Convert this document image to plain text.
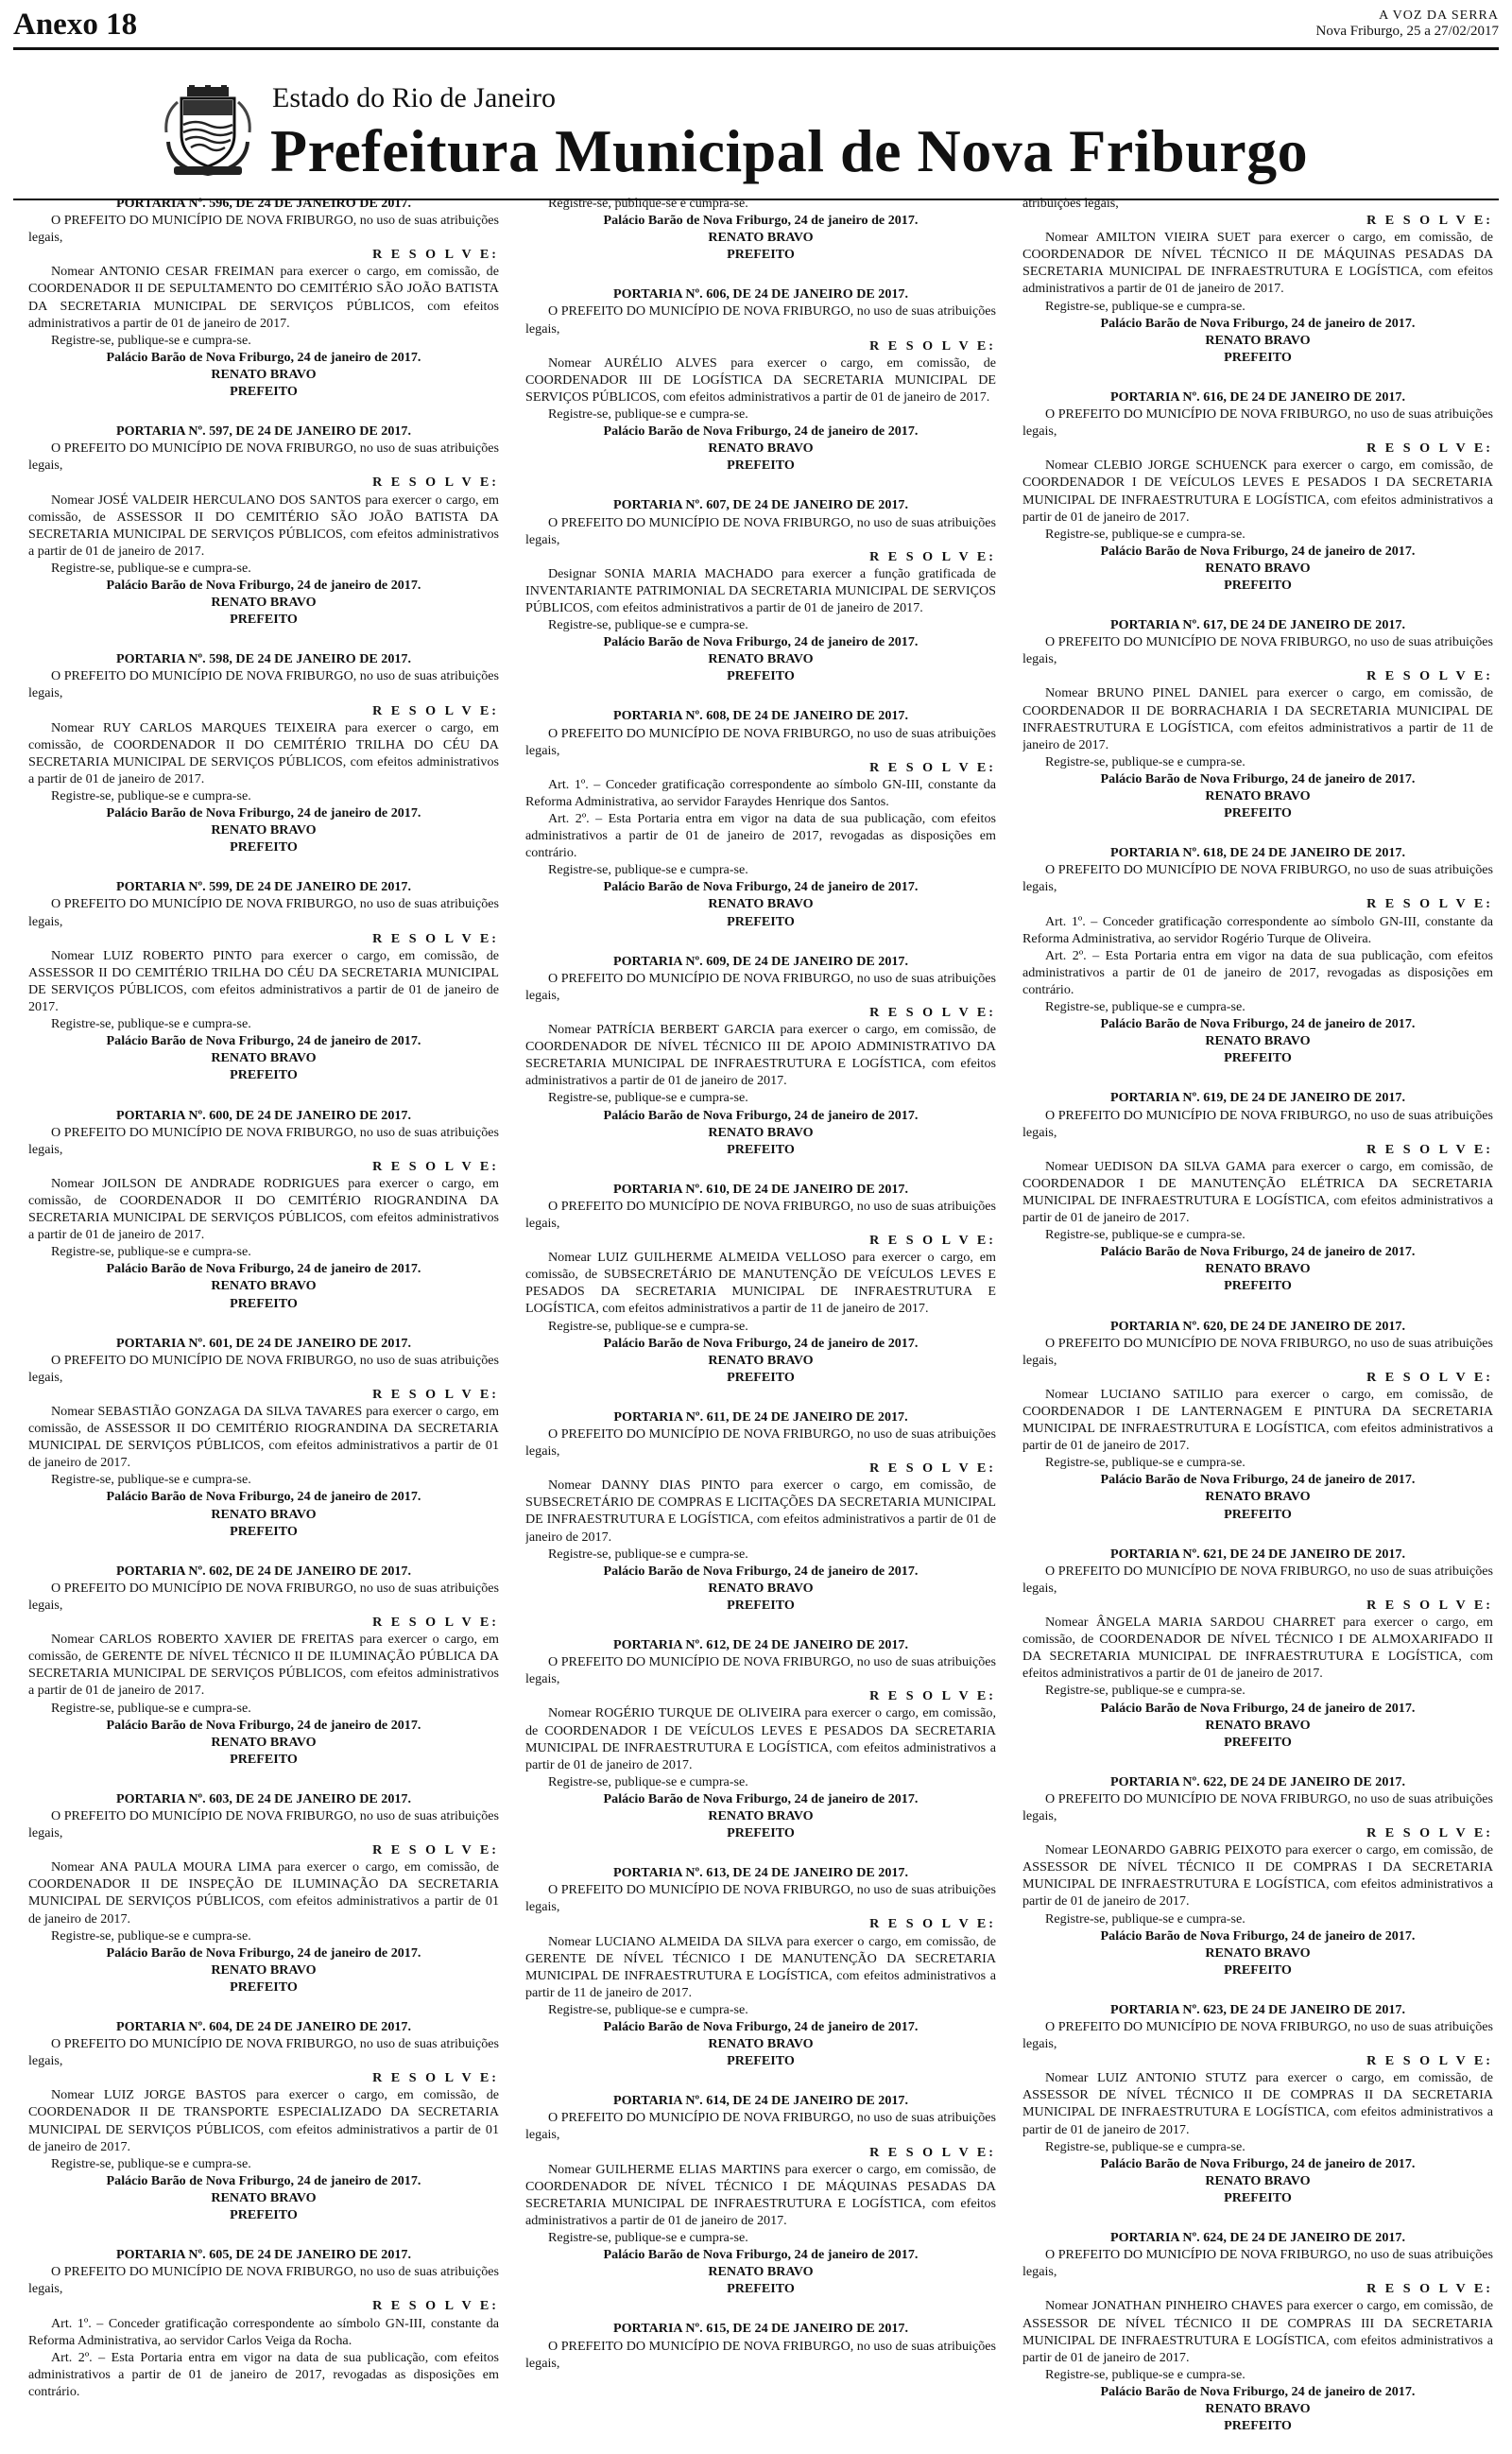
Anexo 18	A VOZ DA SERRA
Nova Friburgo, 25 a 27/02/2017
Estado do Rio de Janeiro
Prefeitura Municipal de Nova Friburgo

PORTARIA Nº. 596, DE 24 DE JANEIRO DE 2017.

O PREFEITO DO MUNICÍPIO DE NOVA FRIBURGO, no uso de suas atribuições legais,

R E S O L V E:

Nomear ANTONIO CESAR FREIMAN para exercer o cargo, em comissão, de COORDENADOR II DE SEPULTAMENTO DO CEMITÉRIO SÃO JOÃO BATISTA DA SECRETARIA MUNICIPAL DE SERVIÇOS PÚBLICOS, com efeitos administrativos a partir de 01 de janeiro de 2017.

Registre-se, publique-se e cumpra-se.

Palácio Barão de Nova Friburgo, 24 de janeiro de 2017.

RENATO BRAVO

PREFEITO

PORTARIA Nº. 597, DE 24 DE JANEIRO DE 2017.

O PREFEITO DO MUNICÍPIO DE NOVA FRIBURGO, no uso de suas atribuições legais,

R E S O L V E:

Nomear JOSÉ VALDEIR HERCULANO DOS SANTOS para exercer o cargo, em comissão, de ASSESSOR II DO CEMITÉRIO SÃO JOÃO BATISTA DA SECRETARIA MUNICIPAL DE SERVIÇOS PÚBLICOS, com efeitos administrativos a partir de 01 de janeiro de 2017.

Registre-se, publique-se e cumpra-se.

Palácio Barão de Nova Friburgo, 24 de janeiro de 2017.

RENATO BRAVO

PREFEITO

PORTARIA Nº. 598, DE 24 DE JANEIRO DE 2017.

O PREFEITO DO MUNICÍPIO DE NOVA FRIBURGO, no uso de suas atribuições legais,

R E S O L V E:

Nomear RUY CARLOS MARQUES TEIXEIRA para exercer o cargo, em comissão, de COORDENADOR II DO CEMITÉRIO TRILHA DO CÉU DA SECRETARIA MUNICIPAL DE SERVIÇOS PÚBLICOS, com efeitos administrativos a partir de 01 de janeiro de 2017.

Registre-se, publique-se e cumpra-se.

Palácio Barão de Nova Friburgo, 24 de janeiro de 2017.

RENATO BRAVO

PREFEITO

PORTARIA Nº. 599, DE 24 DE JANEIRO DE 2017.

O PREFEITO DO MUNICÍPIO DE NOVA FRIBURGO, no uso de suas atribuições legais,

R E S O L V E:

Nomear LUIZ ROBERTO PINTO para exercer o cargo, em comissão, de ASSESSOR II DO CEMITÉRIO TRILHA DO CÉU DA SECRETARIA MUNICIPAL DE SERVIÇOS PÚBLICOS, com efeitos administrativos a partir de 01 de janeiro de 2017.

Registre-se, publique-se e cumpra-se.

Palácio Barão de Nova Friburgo, 24 de janeiro de 2017.

RENATO BRAVO

PREFEITO

PORTARIA Nº. 600, DE 24 DE JANEIRO DE 2017.

O PREFEITO DO MUNICÍPIO DE NOVA FRIBURGO, no uso de suas atribuições legais,

R E S O L V E:

Nomear JOILSON DE ANDRADE RODRIGUES para exercer o cargo, em comissão, de COORDENADOR II DO CEMITÉRIO RIOGRANDINA DA SECRETARIA MUNICIPAL DE SERVIÇOS PÚBLICOS, com efeitos administrativos a partir de 01 de janeiro de 2017.

Registre-se, publique-se e cumpra-se.

Palácio Barão de Nova Friburgo, 24 de janeiro de 2017.

RENATO BRAVO

PREFEITO

PORTARIA Nº. 601, DE 24 DE JANEIRO DE 2017.

O PREFEITO DO MUNICÍPIO DE NOVA FRIBURGO, no uso de suas atribuições legais,

R E S O L V E:

Nomear SEBASTIÃO GONZAGA DA SILVA TAVARES para exercer o cargo, em comissão, de ASSESSOR II DO CEMITÉRIO RIOGRANDINA DA SECRETARIA MUNICIPAL DE SERVIÇOS PÚBLICOS, com efeitos administrativos a partir de 01 de janeiro de 2017.

Registre-se, publique-se e cumpra-se.

Palácio Barão de Nova Friburgo, 24 de janeiro de 2017.

RENATO BRAVO

PREFEITO

PORTARIA Nº. 602, DE 24 DE JANEIRO DE 2017.

O PREFEITO DO MUNICÍPIO DE NOVA FRIBURGO, no uso de suas atribuições legais,

R E S O L V E:

Nomear CARLOS ROBERTO XAVIER DE FREITAS para exercer o cargo, em comissão, de GERENTE DE NÍVEL TÉCNICO II DE ILUMINAÇÃO PÚBLICA DA SECRETARIA MUNICIPAL DE SERVIÇOS PÚBLICOS, com efeitos administrativos a partir de 01 de janeiro de 2017.

Registre-se, publique-se e cumpra-se.

Palácio Barão de Nova Friburgo, 24 de janeiro de 2017.

RENATO BRAVO

PREFEITO

PORTARIA Nº. 603, DE 24 DE JANEIRO DE 2017.

O PREFEITO DO MUNICÍPIO DE NOVA FRIBURGO, no uso de suas atribuições legais,

R E S O L V E:

Nomear ANA PAULA MOURA LIMA para exercer o cargo, em comissão, de COORDENADOR II DE INSPEÇÃO DE ILUMINAÇÃO DA SECRETARIA MUNICIPAL DE SERVIÇOS PÚBLICOS, com efeitos administrativos a partir de 01 de janeiro de 2017.

Registre-se, publique-se e cumpra-se.

Palácio Barão de Nova Friburgo, 24 de janeiro de 2017.

RENATO BRAVO

PREFEITO

PORTARIA Nº. 604, DE 24 DE JANEIRO DE 2017.

O PREFEITO DO MUNICÍPIO DE NOVA FRIBURGO, no uso de suas atribuições legais,

R E S O L V E:

Nomear LUIZ JORGE BASTOS para exercer o cargo, em comissão, de COORDENADOR II DE TRANSPORTE ESPECIALIZADO DA SECRETARIA MUNICIPAL DE SERVIÇOS PÚBLICOS, com efeitos administrativos a partir de 01 de janeiro de 2017.

Registre-se, publique-se e cumpra-se.

Palácio Barão de Nova Friburgo, 24 de janeiro de 2017.

RENATO BRAVO

PREFEITO

PORTARIA Nº. 605, DE 24 DE JANEIRO DE 2017.

O PREFEITO DO MUNICÍPIO DE NOVA FRIBURGO, no uso de suas atribuições legais,

R E S O L V E:

Art. 1º. – Conceder gratificação correspondente ao símbolo GN-III, constante da Reforma Administrativa, ao servidor Carlos Veiga da Rocha.

Art. 2º. – Esta Portaria entra em vigor na data de sua publicação, com efeitos administrativos a partir de 01 de janeiro de 2017, revogadas as disposições em contrário.

Registre-se, publique-se e cumpra-se.

Palácio Barão de Nova Friburgo, 24 de janeiro de 2017.

RENATO BRAVO

PREFEITO

PORTARIA Nº. 606, DE 24 DE JANEIRO DE 2017.

O PREFEITO DO MUNICÍPIO DE NOVA FRIBURGO, no uso de suas atribuições legais,

R E S O L V E:

Nomear AURÉLIO ALVES para exercer o cargo, em comissão, de COORDENADOR III DE LOGÍSTICA DA SECRETARIA MUNICIPAL DE SERVIÇOS PÚBLICOS, com efeitos administrativos a partir de 01 de janeiro de 2017.

Registre-se, publique-se e cumpra-se.

Palácio Barão de Nova Friburgo, 24 de janeiro de 2017.

RENATO BRAVO

PREFEITO

PORTARIA Nº. 607, DE 24 DE JANEIRO DE 2017.

O PREFEITO DO MUNICÍPIO DE NOVA FRIBURGO, no uso de suas atribuições legais,

R E S O L V E:

Designar SONIA MARIA MACHADO para exercer a função gratificada de INVENTARIANTE PATRIMONIAL DA SECRETARIA MUNICIPAL DE SERVIÇOS PÚBLICOS, com efeitos administrativos a partir de 01 de janeiro de 2017.

Registre-se, publique-se e cumpra-se.

Palácio Barão de Nova Friburgo, 24 de janeiro de 2017.

RENATO BRAVO

PREFEITO

PORTARIA Nº. 608, DE 24 DE JANEIRO DE 2017.

O PREFEITO DO MUNICÍPIO DE NOVA FRIBURGO, no uso de suas atribuições legais,

R E S O L V E:

Art. 1º. – Conceder gratificação correspondente ao símbolo GN-III, constante da Reforma Administrativa, ao servidor Faraydes Henrique dos Santos.

Art. 2º. – Esta Portaria entra em vigor na data de sua publicação, com efeitos administrativos a partir de 01 de janeiro de 2017, revogadas as disposições em contrário.

Registre-se, publique-se e cumpra-se.

Palácio Barão de Nova Friburgo, 24 de janeiro de 2017.

RENATO BRAVO

PREFEITO

PORTARIA Nº. 609, DE 24 DE JANEIRO DE 2017.

O PREFEITO DO MUNICÍPIO DE NOVA FRIBURGO, no uso de suas atribuições legais,

R E S O L V E:

Nomear PATRÍCIA BERBERT GARCIA para exercer o cargo, em comissão, de COORDENADOR DE NÍVEL TÉCNICO III DE APOIO ADMINISTRATIVO DA SECRETARIA MUNICIPAL DE INFRAESTRUTURA E LOGÍSTICA, com efeitos administrativos a partir de 01 de janeiro de 2017.

Registre-se, publique-se e cumpra-se.

Palácio Barão de Nova Friburgo, 24 de janeiro de 2017.

RENATO BRAVO

PREFEITO

PORTARIA Nº. 610, DE 24 DE JANEIRO DE 2017.

O PREFEITO DO MUNICÍPIO DE NOVA FRIBURGO, no uso de suas atribuições legais,

R E S O L V E:

Nomear LUIZ GUILHERME ALMEIDA VELLOSO para exercer o cargo, em comissão, de SUBSECRETÁRIO DE MANUTENÇÃO DE VEÍCULOS LEVES E PESADOS DA SECRETARIA MUNICIPAL DE INFRAESTRUTURA E LOGÍSTICA, com efeitos administrativos a partir de 11 de janeiro de 2017.

Registre-se, publique-se e cumpra-se.

Palácio Barão de Nova Friburgo, 24 de janeiro de 2017.

RENATO BRAVO

PREFEITO

PORTARIA Nº. 611, DE 24 DE JANEIRO DE 2017.

O PREFEITO DO MUNICÍPIO DE NOVA FRIBURGO, no uso de suas atribuições legais,

R E S O L V E:

Nomear DANNY DIAS PINTO para exercer o cargo, em comissão, de SUBSECRETÁRIO DE COMPRAS E LICITAÇÕES DA SECRETARIA MUNICIPAL DE INFRAESTRUTURA E LOGÍSTICA, com efeitos administrativos a partir de 01 de janeiro de 2017.

Registre-se, publique-se e cumpra-se.

Palácio Barão de Nova Friburgo, 24 de janeiro de 2017.

RENATO BRAVO

PREFEITO

PORTARIA Nº. 612, DE 24 DE JANEIRO DE 2017.

O PREFEITO DO MUNICÍPIO DE NOVA FRIBURGO, no uso de suas atribuições legais,

R E S O L V E:

Nomear ROGÉRIO TURQUE DE OLIVEIRA para exercer o cargo, em comissão, de COORDENADOR I DE VEÍCULOS LEVES E PESADOS DA SECRETARIA MUNICIPAL DE INFRAESTRUTURA E LOGÍSTICA, com efeitos administrativos a partir de 01 de janeiro de 2017.

Registre-se, publique-se e cumpra-se.

Palácio Barão de Nova Friburgo, 24 de janeiro de 2017.

RENATO BRAVO

PREFEITO

PORTARIA Nº. 613, DE 24 DE JANEIRO DE 2017.

O PREFEITO DO MUNICÍPIO DE NOVA FRIBURGO, no uso de suas atribuições legais,

R E S O L V E:

Nomear LUCIANO ALMEIDA DA SILVA para exercer o cargo, em comissão, de GERENTE DE NÍVEL TÉCNICO I DE MANUTENÇÃO DA SECRETARIA MUNICIPAL DE INFRAESTRUTURA E LOGÍSTICA, com efeitos administrativos a partir de 11 de janeiro de 2017.

Registre-se, publique-se e cumpra-se.

Palácio Barão de Nova Friburgo, 24 de janeiro de 2017.

RENATO BRAVO

PREFEITO

PORTARIA Nº. 614, DE 24 DE JANEIRO DE 2017.

O PREFEITO DO MUNICÍPIO DE NOVA FRIBURGO, no uso de suas atribuições legais,

R E S O L V E:

Nomear GUILHERME ELIAS MARTINS para exercer o cargo, em comissão, de COORDENADOR DE NÍVEL TÉCNICO I DE MÁQUINAS PESADAS DA SECRETARIA MUNICIPAL DE INFRAESTRUTURA E LOGÍSTICA, com efeitos administrativos a partir de 01 de janeiro de 2017.

Registre-se, publique-se e cumpra-se.

Palácio Barão de Nova Friburgo, 24 de janeiro de 2017.

RENATO BRAVO

PREFEITO

PORTARIA Nº. 615, DE 24 DE JANEIRO DE 2017.

O PREFEITO DO MUNICÍPIO DE NOVA FRIBURGO, no uso de suas atribuições legais,

atribuições legais,

R E S O L V E:

Nomear AMILTON VIEIRA SUET para exercer o cargo, em comissão, de COORDENADOR DE NÍVEL TÉCNICO II DE MÁQUINAS PESADAS DA SECRETARIA MUNICIPAL DE INFRAESTRUTURA E LOGÍSTICA, com efeitos administrativos a partir de 01 de janeiro de 2017.

Registre-se, publique-se e cumpra-se.

Palácio Barão de Nova Friburgo, 24 de janeiro de 2017.

RENATO BRAVO

PREFEITO

PORTARIA Nº. 616, DE 24 DE JANEIRO DE 2017.

O PREFEITO DO MUNICÍPIO DE NOVA FRIBURGO, no uso de suas atribuições legais,

R E S O L V E:

Nomear CLEBIO JORGE SCHUENCK para exercer o cargo, em comissão, de COORDENADOR I DE VEÍCULOS LEVES E PESADOS I DA SECRETARIA MUNICIPAL DE INFRAESTRUTURA E LOGÍSTICA, com efeitos administrativos a partir de 01 de janeiro de 2017.

Registre-se, publique-se e cumpra-se.

Palácio Barão de Nova Friburgo, 24 de janeiro de 2017.

RENATO BRAVO

PREFEITO

PORTARIA Nº. 617, DE 24 DE JANEIRO DE 2017.

O PREFEITO DO MUNICÍPIO DE NOVA FRIBURGO, no uso de suas atribuições legais,

R E S O L V E:

Nomear BRUNO PINEL DANIEL para exercer o cargo, em comissão, de COORDENADOR II DE BORRACHARIA I DA SECRETARIA MUNICIPAL DE INFRAESTRUTURA E LOGÍSTICA, com efeitos administrativos a partir de 11 de janeiro de 2017.

Registre-se, publique-se e cumpra-se.

Palácio Barão de Nova Friburgo, 24 de janeiro de 2017.

RENATO BRAVO

PREFEITO

PORTARIA Nº. 618, DE 24 DE JANEIRO DE 2017.

O PREFEITO DO MUNICÍPIO DE NOVA FRIBURGO, no uso de suas atribuições legais,

R E S O L V E:

Art. 1º. – Conceder gratificação correspondente ao símbolo GN-III, constante da Reforma Administrativa, ao servidor Rogério Turque de Oliveira.

Art. 2º. – Esta Portaria entra em vigor na data de sua publicação, com efeitos administrativos a partir de 01 de janeiro de 2017, revogadas as disposições em contrário.

Registre-se, publique-se e cumpra-se.

Palácio Barão de Nova Friburgo, 24 de janeiro de 2017.

RENATO BRAVO

PREFEITO

PORTARIA Nº. 619, DE 24 DE JANEIRO DE 2017.

O PREFEITO DO MUNICÍPIO DE NOVA FRIBURGO, no uso de suas atribuições legais,

R E S O L V E:

Nomear UEDISON DA SILVA GAMA para exercer o cargo, em comissão, de COORDENADOR I DE MANUTENÇÃO ELÉTRICA DA SECRETARIA MUNICIPAL DE INFRAESTRUTURA E LOGÍSTICA, com efeitos administrativos a partir de 01 de janeiro de 2017.

Registre-se, publique-se e cumpra-se.

Palácio Barão de Nova Friburgo, 24 de janeiro de 2017.

RENATO BRAVO

PREFEITO

PORTARIA Nº. 620, DE 24 DE JANEIRO DE 2017.

O PREFEITO DO MUNICÍPIO DE NOVA FRIBURGO, no uso de suas atribuições legais,

R E S O L V E:

Nomear LUCIANO SATILIO para exercer o cargo, em comissão, de COORDENADOR I DE LANTERNAGEM E PINTURA DA SECRETARIA MUNICIPAL DE INFRAESTRUTURA E LOGÍSTICA, com efeitos administrativos a partir de 01 de janeiro de 2017.

Registre-se, publique-se e cumpra-se.

Palácio Barão de Nova Friburgo, 24 de janeiro de 2017.

RENATO BRAVO

PREFEITO

PORTARIA Nº. 621, DE 24 DE JANEIRO DE 2017.

O PREFEITO DO MUNICÍPIO DE NOVA FRIBURGO, no uso de suas atribuições legais,

R E S O L V E:

Nomear ÂNGELA MARIA SARDOU CHARRET para exercer o cargo, em comissão, de COORDENADOR DE NÍVEL TÉCNICO I DE ALMOXARIFADO II DA SECRETARIA MUNICIPAL DE INFRAESTRUTURA E LOGÍSTICA, com efeitos administrativos a partir de 01 de janeiro de 2017.

Registre-se, publique-se e cumpra-se.

Palácio Barão de Nova Friburgo, 24 de janeiro de 2017.

RENATO BRAVO

PREFEITO

PORTARIA Nº. 622, DE 24 DE JANEIRO DE 2017.

O PREFEITO DO MUNICÍPIO DE NOVA FRIBURGO, no uso de suas atribuições legais,

R E S O L V E:

Nomear LEONARDO GABRIG PEIXOTO para exercer o cargo, em comissão, de ASSESSOR DE NÍVEL TÉCNICO II DE COMPRAS I DA SECRETARIA MUNICIPAL DE INFRAESTRUTURA E LOGÍSTICA, com efeitos administrativos a partir de 01 de janeiro de 2017.

Registre-se, publique-se e cumpra-se.

Palácio Barão de Nova Friburgo, 24 de janeiro de 2017.

RENATO BRAVO

PREFEITO

PORTARIA Nº. 623, DE 24 DE JANEIRO DE 2017.

O PREFEITO DO MUNICÍPIO DE NOVA FRIBURGO, no uso de suas atribuições legais,

R E S O L V E:

Nomear LUIZ ANTONIO STUTZ para exercer o cargo, em comissão, de ASSESSOR DE NÍVEL TÉCNICO II DE COMPRAS II DA SECRETARIA MUNICIPAL DE INFRAESTRUTURA E LOGÍSTICA, com efeitos administrativos a partir de 01 de janeiro de 2017.

Registre-se, publique-se e cumpra-se.

Palácio Barão de Nova Friburgo, 24 de janeiro de 2017.

RENATO BRAVO

PREFEITO

PORTARIA Nº. 624, DE 24 DE JANEIRO DE 2017.

O PREFEITO DO MUNICÍPIO DE NOVA FRIBURGO, no uso de suas atribuições legais,

R E S O L V E:

Nomear JONATHAN PINHEIRO CHAVES para exercer o cargo, em comissão, de ASSESSOR DE NÍVEL TÉCNICO II DE COMPRAS III DA SECRETARIA MUNICIPAL DE INFRAESTRUTURA E LOGÍSTICA, com efeitos administrativos a partir de 01 de janeiro de 2017.

Registre-se, publique-se e cumpra-se.

Palácio Barão de Nova Friburgo, 24 de janeiro de 2017.

RENATO BRAVO

PREFEITO
